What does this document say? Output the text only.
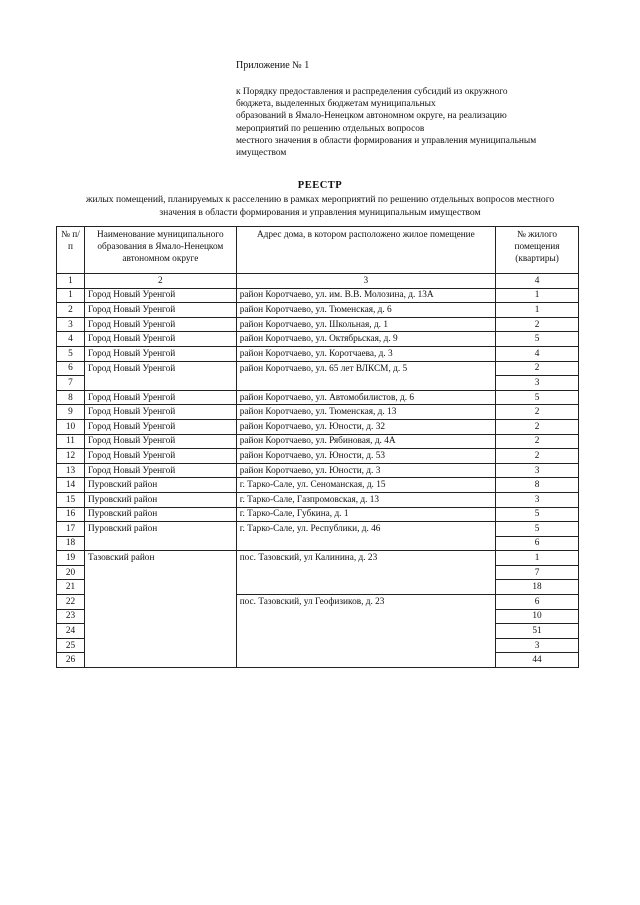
Приложение № 1
к Порядку предоставления и распределения субсидий из окружного
бюджета, выделенных бюджетам муниципальных
образований в Ямало-Ненецком автономном округе, на реализацию
мероприятий по решению отдельных вопросов
местного значения в области формирования и управления муниципальным
имуществом
РЕЕСТР
жилых помещений, планируемых к расселению в рамках мероприятий по решению отдельных вопросов местного
значения в области формирования и управления муниципальным имуществом
№ п/п	Наименование муниципального образования в Ямало-Ненецком автономном округе	Адрес дома, в котором расположено жилое помещение	№ жилого помещения (квартиры)
1	2	3	4
1	Город Новый Уренгой	район Коротчаево, ул. им. В.В. Молозина, д. 13А	1
2	Город Новый Уренгой	район Коротчаево, ул. Тюменская, д. 6	1
3	Город Новый Уренгой	район Коротчаево, ул. Школьная, д. 1	2
4	Город Новый Уренгой	район Коротчаево, ул. Октябрьская, д. 9	5
5	Город Новый Уренгой	район Коротчаево, ул. Коротчаева, д. 3	4
6	Город Новый Уренгой	район Коротчаево, ул. 65 лет ВЛКСМ, д. 5	2
7			3
8	Город Новый Уренгой	район Коротчаево, ул. Автомобилистов, д. 6	5
9	Город Новый Уренгой	район Коротчаево, ул. Тюменская, д. 13	2
10	Город Новый Уренгой	район Коротчаево, ул. Юности, д. 32	2
11	Город Новый Уренгой	район Коротчаево, ул. Рябиновая, д. 4А	2
12	Город Новый Уренгой	район Коротчаево, ул. Юности, д. 53	2
13	Город Новый Уренгой	район Коротчаево, ул. Юности, д. 3	3
14	Пуровский район	г. Тарко-Сале, ул. Сеноманская, д. 15	8
15	Пуровский район	г. Тарко-Сале, Газпромовская, д. 13	3
16	Пуровский район	г. Тарко-Сале, Губкина, д. 1	5
17	Пуровский район	г. Тарко-Сале, ул. Республики, д. 46	5
18			6
19	Тазовский район	пос. Тазовский, ул Калинина, д. 23	1
20			7
21			18
22		пос. Тазовский, ул Геофизиков, д. 23	6
23			10
24			51
25			3
26			44
